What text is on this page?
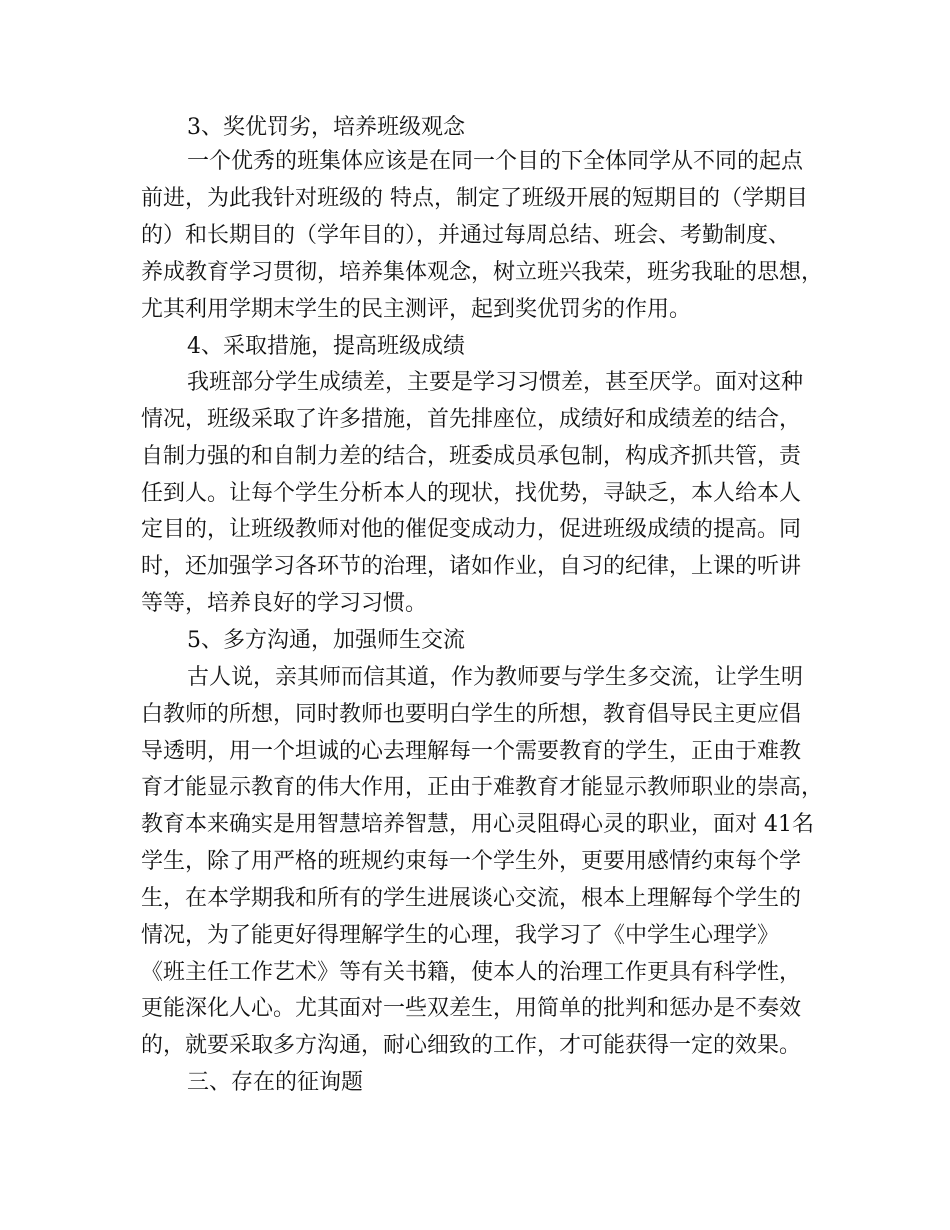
3、奖优罚劣，培养班级观念
一个优秀的班集体应该是在同一个目的下全体同学从不同的起点
前进，为此我针对班级的 特点，制定了班级开展的短期目的（学期目
的）和长期目的（学年目的），并通过每周总结、班会、考勤制度、
养成教育学习贯彻，培养集体观念，树立班兴我荣，班劣我耻的思想，
尤其利用学期末学生的民主测评，起到奖优罚劣的作用。
4、采取措施，提高班级成绩
我班部分学生成绩差，主要是学习习惯差，甚至厌学。面对这种
情况，班级采取了许多措施，首先排座位，成绩好和成绩差的结合，
自制力强的和自制力差的结合，班委成员承包制，构成齐抓共管，责
任到人。让每个学生分析本人的现状，找优势，寻缺乏，本人给本人
定目的，让班级教师对他的催促变成动力，促进班级成绩的提高。同
时，还加强学习各环节的治理，诸如作业，自习的纪律，上课的听讲
等等，培养良好的学习习惯。
5、多方沟通，加强师生交流
古人说，亲其师而信其道，作为教师要与学生多交流，让学生明
白教师的所想，同时教师也要明白学生的所想，教育倡导民主更应倡
导透明，用一个坦诚的心去理解每一个需要教育的学生，正由于难教
育才能显示教育的伟大作用，正由于难教育才能显示教师职业的崇高，
教育本来确实是用智慧培养智慧，用心灵阻碍心灵的职业，面对 41名
学生，除了用严格的班规约束每一个学生外，更要用感情约束每个学
生，在本学期我和所有的学生进展谈心交流，根本上理解每个学生的
情况，为了能更好得理解学生的心理，我学习了《中学生心理学》
《班主任工作艺术》等有关书籍，使本人的治理工作更具有科学性，
更能深化人心。尤其面对一些双差生，用简单的批判和惩办是不奏效
的，就要采取多方沟通，耐心细致的工作，才可能获得一定的效果。
三、存在的征询题
